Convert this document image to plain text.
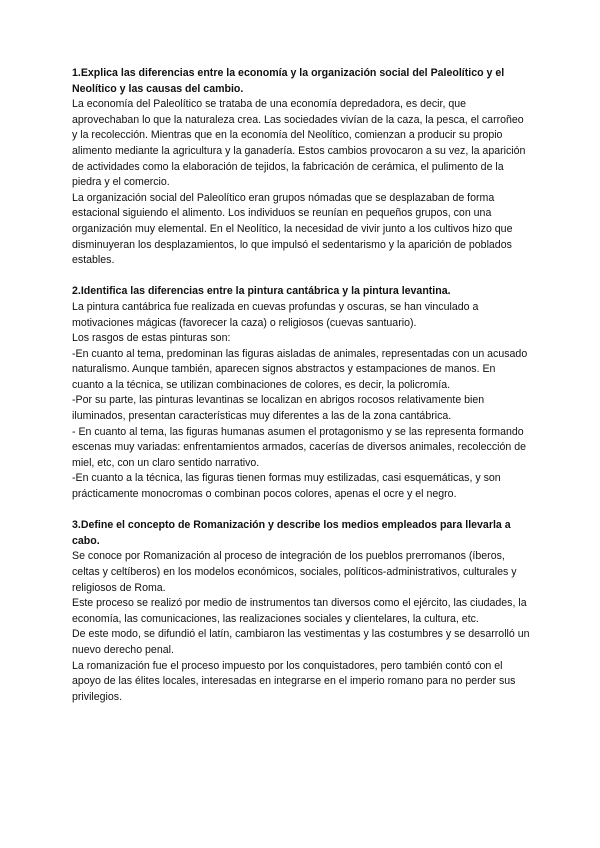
1.Explica las diferencias entre la economía y la organización social del Paleolítico y el Neolítico y las causas del cambio.

La economía del Paleolítico se trataba de una economía depredadora, es decir, que aprovechaban lo que la naturaleza crea. Las sociedades vivían de la caza, la pesca, el carroñeo y la recolección. Mientras que en la economía del Neolítico, comienzan a producir su propio alimento mediante la agricultura y la ganadería. Estos cambios provocaron a su vez, la aparición de actividades como la elaboración de tejidos, la fabricación de cerámica, el pulimento de la piedra y el comercio.

La organización social del Paleolítico eran grupos nómadas que se desplazaban de forma estacional siguiendo el alimento. Los individuos se reunían en pequeños grupos, con una organización muy elemental. En el Neolítico, la necesidad de vivir junto a los cultivos hizo que disminuyeran los desplazamientos, lo que impulsó el sedentarismo y la aparición de poblados estables.

2.Identifica las diferencias entre la pintura cantábrica y la pintura levantina.

La pintura cantábrica fue realizada en cuevas profundas y oscuras, se han vinculado a motivaciones mágicas (favorecer la caza) o religiosos (cuevas santuario).

Los rasgos de estas pinturas son:

-En cuanto al tema, predominan las figuras aisladas de animales, representadas con un acusado naturalismo. Aunque también, aparecen signos abstractos y estampaciones de manos. En cuanto a la técnica, se utilizan combinaciones de colores, es decir, la policromía.

-Por su parte, las pinturas levantinas se localizan en abrigos rocosos relativamente bien iluminados, presentan características muy diferentes a las de la zona cantábrica.

- En cuanto al tema, las figuras humanas asumen el protagonismo y se las representa formando escenas muy variadas: enfrentamientos armados, cacerías de diversos animales, recolección de miel, etc, con un claro sentido narrativo.

-En cuanto a la técnica, las figuras tienen formas muy estilizadas, casi esquemáticas, y son prácticamente monocromas o combinan pocos colores, apenas el ocre y el negro.

3.Define el concepto de Romanización y describe los medios empleados para llevarla a cabo.

Se conoce por Romanización al proceso de integración de los pueblos prerromanos (íberos, celtas y celtíberos) en los modelos económicos, sociales, políticos-administrativos, culturales y religiosos de Roma.

Este proceso se realizó por medio de instrumentos tan diversos como el ejército, las ciudades, la economía, las comunicaciones, las realizaciones sociales y clientelares, la cultura, etc.

De este modo, se difundió el latín, cambiaron las vestimentas y las costumbres y se desarrolló un nuevo derecho penal.

La romanización fue el proceso impuesto por los conquistadores, pero también contó con el apoyo de las élites locales, interesadas en integrarse en el imperio romano para no perder sus privilegios.
